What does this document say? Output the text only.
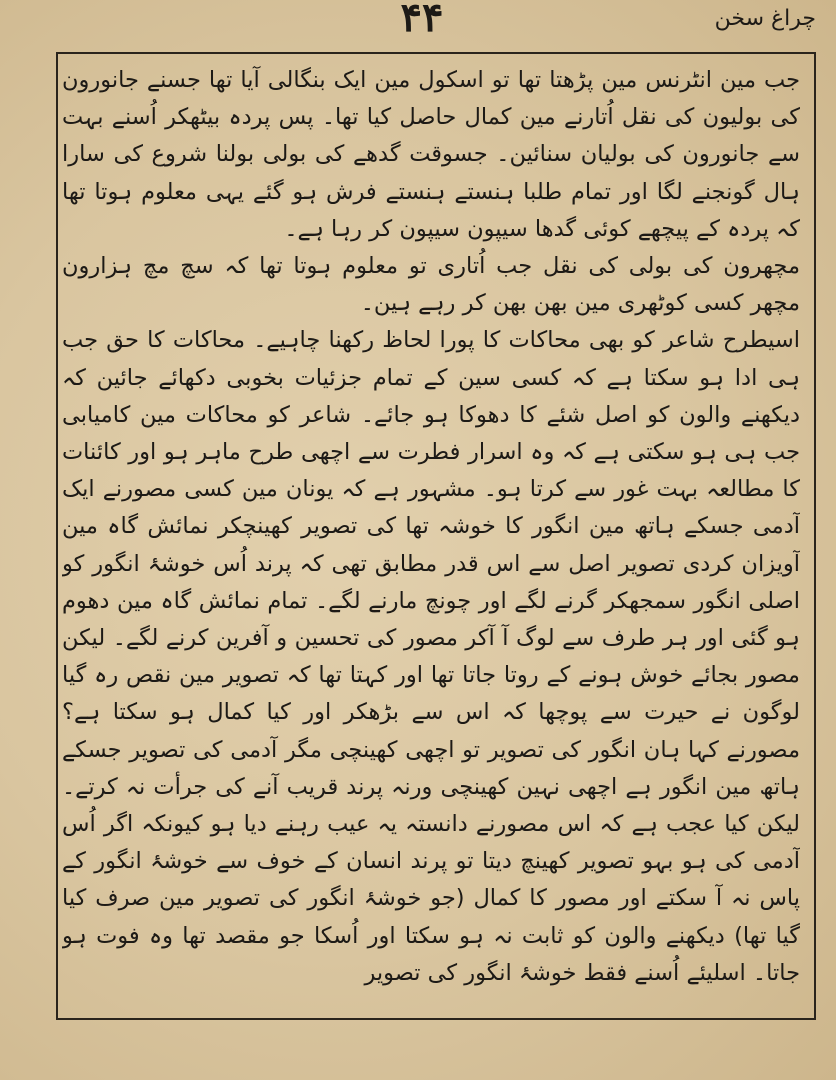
۴۴	چراغ سخن

جب مین انٹرنس مین پڑھتا تھا تو اسکول مین ایک بنگالی آیا تھا جسنے جانورون کی بولیون کی نقل اُتارنے مین کمال حاصل کیا تھا۔ پس پردہ بیٹھکر اُسنے بہت سے جانورون کی بولیان سنائین۔ جسوقت گدھے کی بولی بولنا شروع کی سارا ہال گونجنے لگا اور تمام طلبا ہنستے ہنستے فرش ہو گئے یہی معلوم ہوتا تھا کہ پردہ کے پیچھے کوئی گدھا سیپون سیپون کر رہا ہے۔

مچھرون کی بولی کی نقل جب اُتاری تو معلوم ہوتا تھا کہ سچ مچ ہزارون مچھر کسی کوٹھری مین بھن بھن کر رہے ہین۔

اسیطرح شاعر کو بھی محاکات کا پورا لحاظ رکھنا چاہیے۔ محاکات کا حق جب ہی ادا ہو سکتا ہے کہ کسی سین کے تمام جزئیات بخوبی دکھائے جائین کہ دیکھنے والون کو اصل شئے کا دھوکا ہو جائے۔ شاعر کو محاکات مین کامیابی جب ہی ہو سکتی ہے کہ وہ اسرار فطرت سے اچھی طرح ماہر ہو اور کائنات کا مطالعہ بہت غور سے کرتا ہو۔ مشہور ہے کہ یونان مین کسی مصورنے ایک آدمی جسکے ہاتھ مین انگور کا خوشہ تھا کی تصویر کھینچکر نمائش گاہ مین آویزان کردی تصویر اصل سے اس قدر مطابق تھی کہ پرند اُس خوشۂ انگور کو اصلی انگور سمجھکر گرنے لگے اور چونچ مارنے لگے۔ تمام نمائش گاہ مین دھوم ہو گئی اور ہر طرف سے لوگ آ آکر مصور کی تحسین و آفرین کرنے لگے۔ لیکن مصور بجائے خوش ہونے کے روتا جاتا تھا اور کہتا تھا کہ تصویر مین نقص رہ گیا لوگون نے حیرت سے پوچھا کہ اس سے بڑھکر اور کیا کمال ہو سکتا ہے؟ مصورنے کہا ہان انگور کی تصویر تو اچھی کھینچی مگر آدمی کی تصویر جسکے ہاتھ مین انگور ہے اچھی نہین کھینچی ورنہ پرند قریب آنے کی جرأت نہ کرتے۔ لیکن کیا عجب ہے کہ اس مصورنے دانستہ یہ عیب رہنے دیا ہو کیونکہ اگر اُس آدمی کی ہو بہو تصویر کھینچ دیتا تو پرند انسان کے خوف سے خوشۂ انگور کے پاس نہ آ سکتے اور مصور کا کمال (جو خوشۂ انگور کی تصویر مین صرف کیا گیا تھا) دیکھنے والون کو ثابت نہ ہو سکتا اور اُسکا جو مقصد تھا وہ فوت ہو جاتا۔ اسلیئے اُسنے فقط خوشۂ انگور کی تصویر
